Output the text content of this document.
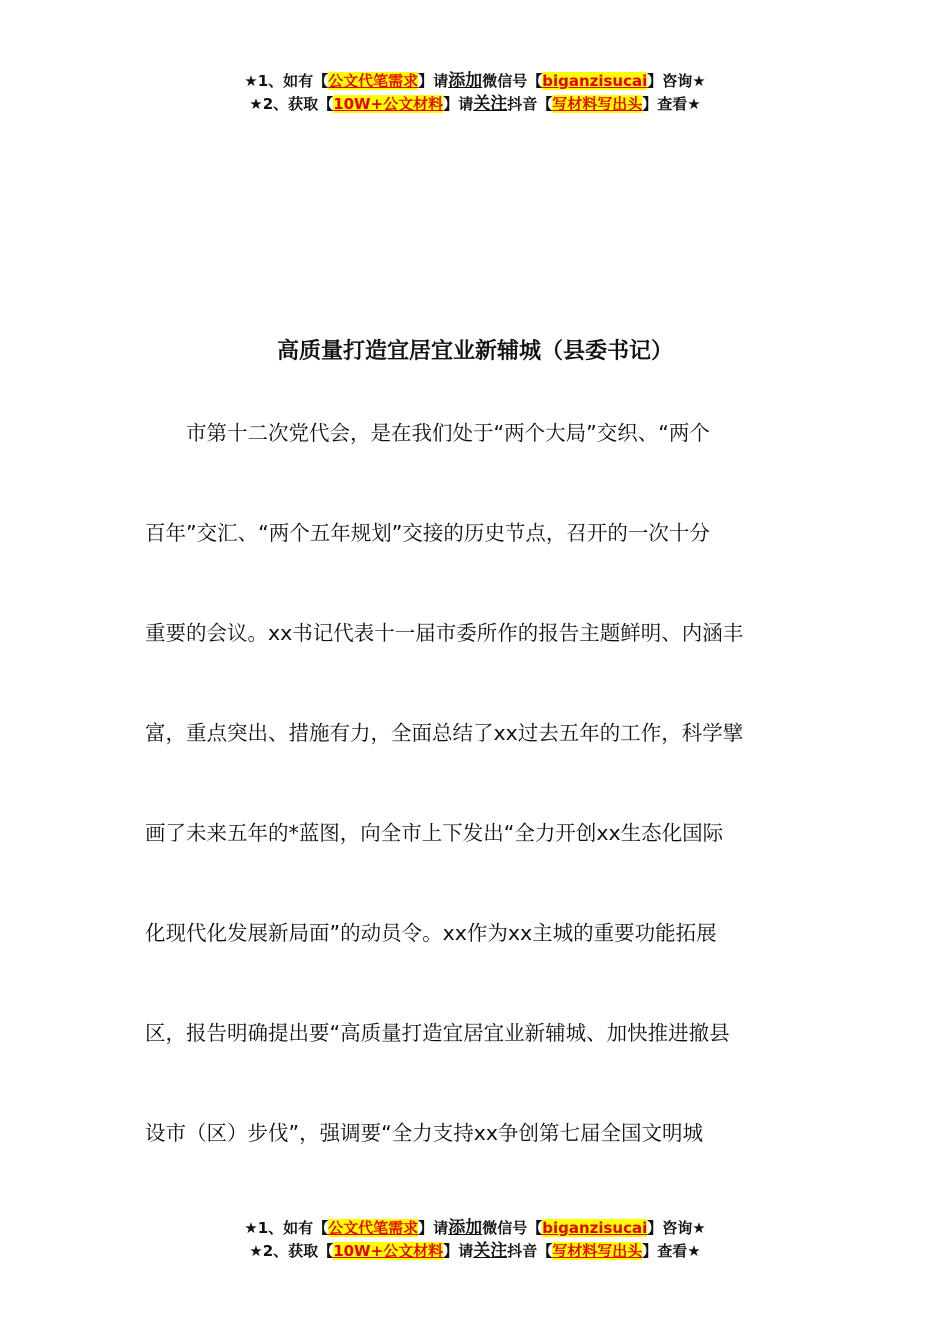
★1、如有【公文代笔需求】请添加微信号【biganzisucai】咨询★
★2、获取【10W+公文材料】请关注抖音【写材料写出头】查看★
高质量打造宜居宜业新辅城（县委书记）
　　市第十二次党代会，是在我们处于“两个大局”交织、“两个
百年”交汇、“两个五年规划”交接的历史节点，召开的一次十分
重要的会议。xx书记代表十一届市委所作的报告主题鲜明、内涵丰
富，重点突出、措施有力，全面总结了xx过去五年的工作，科学擘
画了未来五年的*蓝图，向全市上下发出“全力开创xx生态化国际
化现代化发展新局面”的动员令。xx作为xx主城的重要功能拓展
区，报告明确提出要“高质量打造宜居宜业新辅城、加快推进撤县
设市（区）步伐”，强调要“全力支持xx争创第七届全国文明城
★1、如有【公文代笔需求】请添加微信号【biganzisucai】咨询★
★2、获取【10W+公文材料】请关注抖音【写材料写出头】查看★
